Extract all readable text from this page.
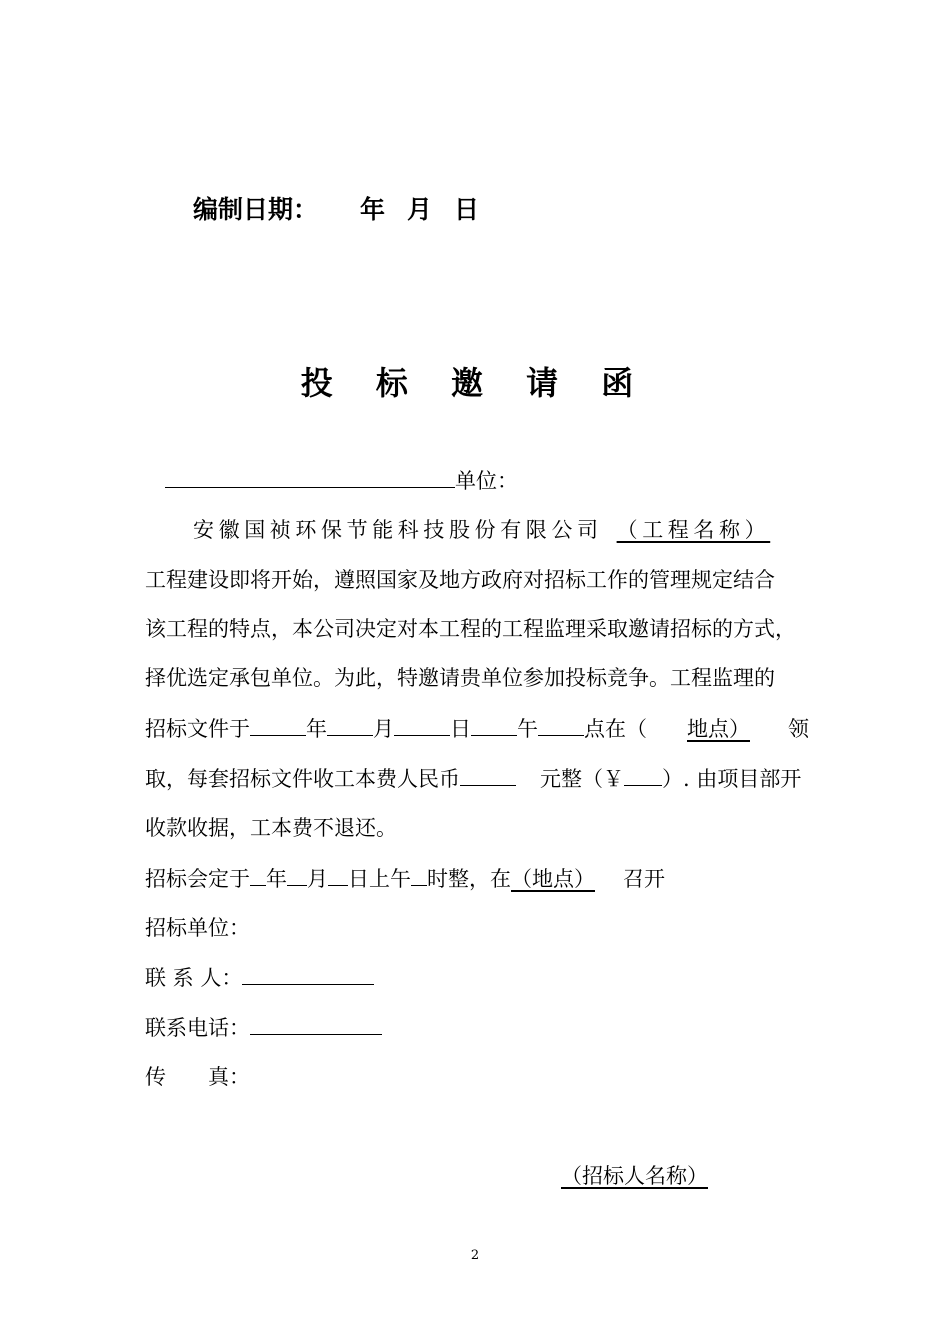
编制日期： 年 月 日
投 标 邀 请 函
单位：
安徽国祯环保节能科技股份有限公司 （工程名称）
工程建设即将开始，遵照国家及地方政府对招标工作的管理规定结合
该工程的特点，本公司决定对本工程的工程监理采取邀请招标的方式，
择优选定承包单位。为此，特邀请贵单位参加投标竞争。工程监理的
招标文件于	年 月	日 午 点在（ 地点） 领
取，每套招标文件收工本费人民币	元整（￥ ）. 由项目部开
收款收据，工本费不退还。
招标会定于 年 月 日上午 时整，在（地点） 召开
招标单位：
联 系 人：
联系电话：
传 真：
（招标人名称）
2
